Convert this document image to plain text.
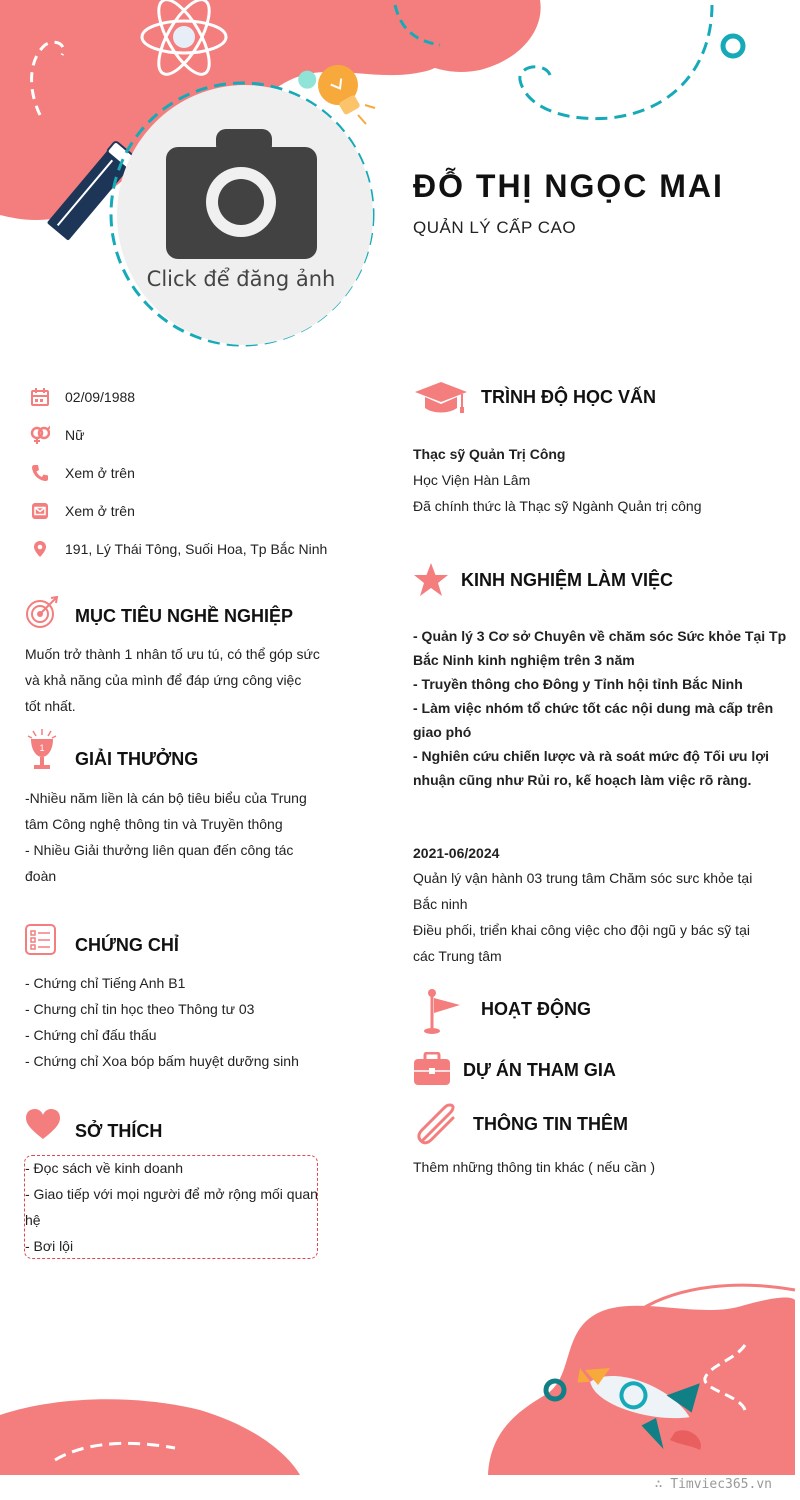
Click để đăng ảnh
ĐỖ THỊ NGỌC MAI
QUẢN LÝ CẤP CAO
02/09/1988
Nữ
Xem ở trên
Xem ở trên
191, Lý Thái Tông, Suối Hoa, Tp Bắc Ninh
MỤC TIÊU NGHỀ NGHIỆP
Muốn trở thành 1 nhân tố ưu tú, có thể góp sức
và khả năng của mình để đáp ứng công việc
tốt nhất.
1
GIẢI THƯỞNG
-Nhiều năm liền là cán bộ tiêu biểu của Trung
tâm Công nghệ thông tin và Truyền thông
- Nhiều Giải thưởng liên quan đến công tác
đoàn
CHỨNG CHỈ
- Chứng chỉ Tiếng Anh B1
- Chưng chỉ tin học theo Thông tư 03
- Chứng chỉ đấu thấu
- Chứng chỉ Xoa bóp bấm huyệt dưỡng sinh
SỞ THÍCH
- Đọc sách về kinh doanh
- Giao tiếp với mọi người để mở rộng mối quan
hệ
- Bơi lội
TRÌNH ĐỘ HỌC VẤN
Thạc sỹ Quản Trị Công
Học Viện Hàn Lâm
Đã chính thức là Thạc sỹ Ngành Quản trị công
KINH NGHIỆM LÀM VIỆC
- Quản lý 3 Cơ sở Chuyên về chăm sóc Sức khỏe Tại Tp
Bắc Ninh kinh nghiệm trên 3 năm
- Truyền thông cho Đông y Tỉnh hội tỉnh Bắc Ninh
- Làm việc nhóm tổ chức tốt các nội dung mà cấp trên
giao phó
- Nghiên cứu chiến lược và rà soát mức độ Tối ưu lợi
nhuận cũng như Rủi ro, kế hoạch làm việc rõ ràng.
2021-06/2024
Quản lý vận hành 03 trung tâm Chăm sóc sưc khỏe tại
Bắc ninh
Điều phối, triển khai công việc cho đội ngũ y bác sỹ tại
các Trung tâm
HOẠT ĐỘNG
DỰ ÁN THAM GIA
THÔNG TIN THÊM
Thêm những thông tin khác ( nếu cần )
∴ Timviec365.vn
